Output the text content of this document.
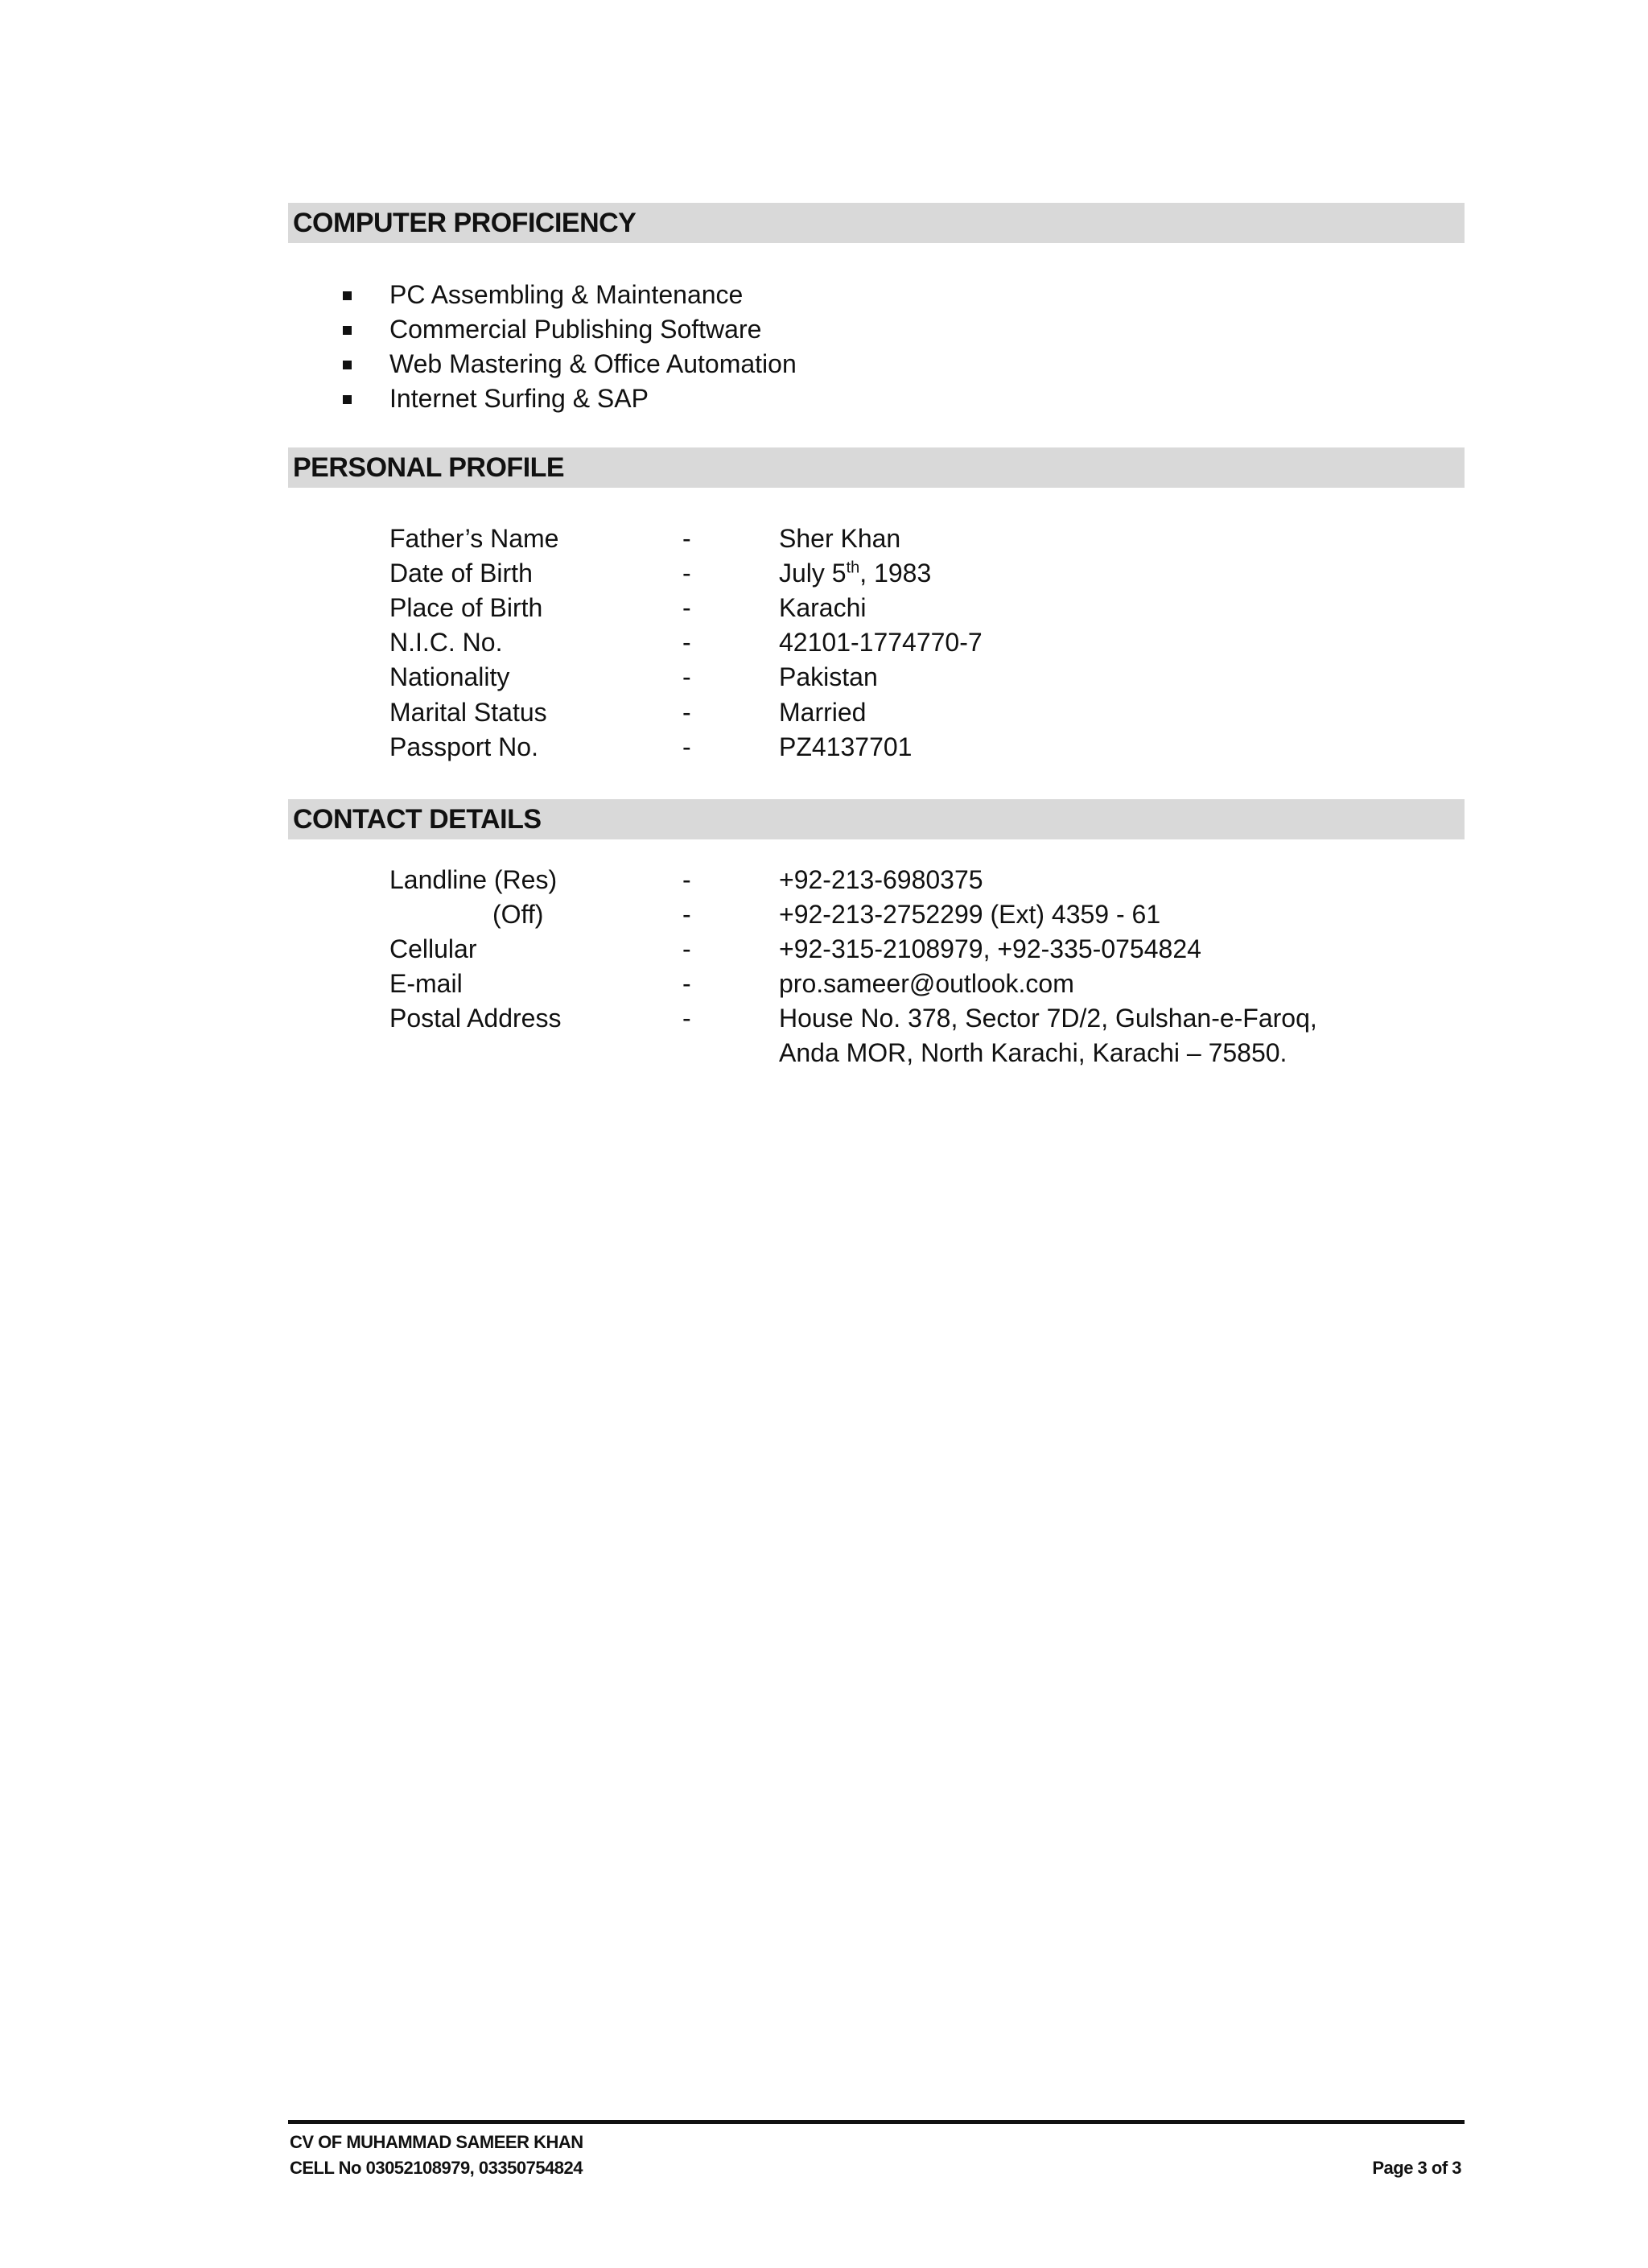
COMPUTER PROFICIENCY
PC Assembling & Maintenance
Commercial Publishing Software
Web Mastering & Office Automation
Internet Surfing & SAP
PERSONAL PROFILE
Father’s Name	-	Sher Khan
Date of Birth	-	July 5th, 1983
Place of Birth	-	Karachi
N.I.C. No.	-	42101-1774770-7
Nationality	-	Pakistan
Marital Status	-	Married
Passport No.	-	PZ4137701
CONTACT DETAILS
Landline (Res)	-	+92-213-6980375
(Off)	-	+92-213-2752299 (Ext) 4359 - 61
Cellular	-	+92-315-2108979, +92-335-0754824
E-mail	-	pro.sameer@outlook.com
Postal Address	-	House No. 378, Sector 7D/2, Gulshan-e-Faroq,
Anda MOR, North Karachi, Karachi – 75850.
CV OF MUHAMMAD SAMEER KHAN
CELL No 03052108979, 03350754824	Page 3 of 3
